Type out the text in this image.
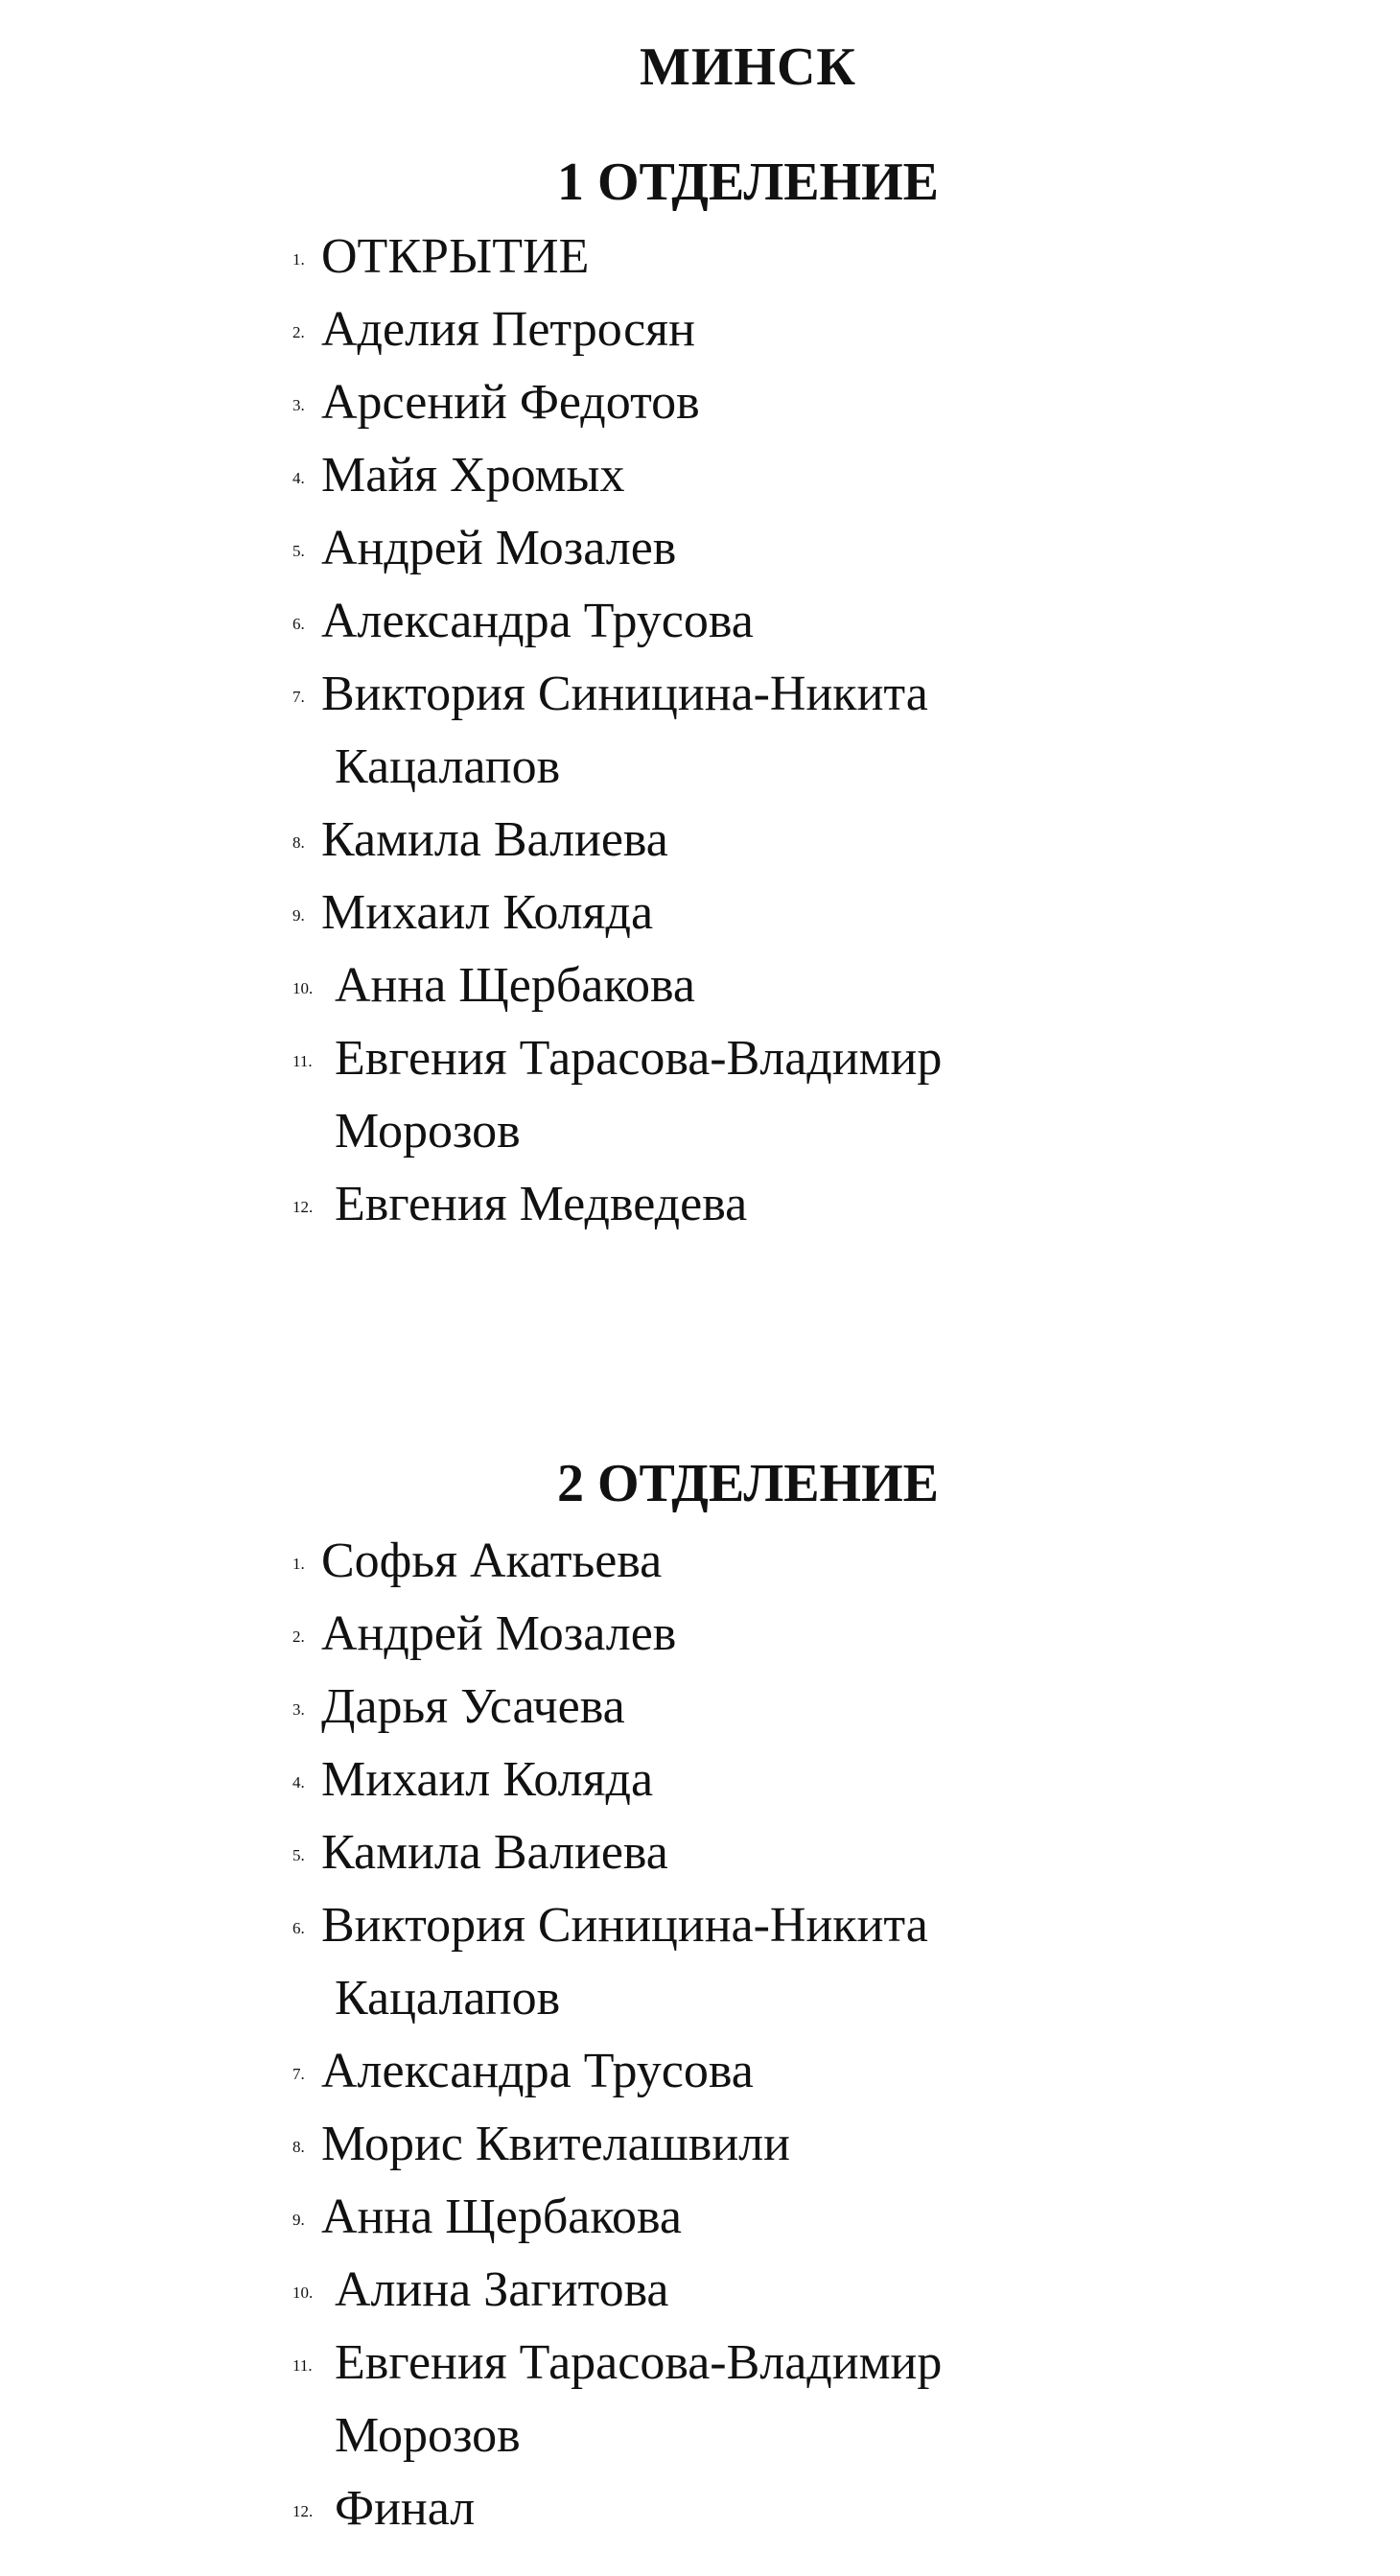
МИНСК
1 ОТДЕЛЕНИЕ
1. ОТКРЫТИЕ
2. Аделия Петросян
3. Арсений Федотов
4. Майя Хромых
5. Андрей Мозалев
6. Александра Трусова
7. Виктория Синицина-Никита
Кацалапов
8. Камила Валиева
9. Михаил Коляда
10. Анна Щербакова
11. Евгения Тарасова-Владимир
Морозов
12. Евгения Медведева
2 ОТДЕЛЕНИЕ
1. Софья Акатьева
2. Андрей Мозалев
3. Дарья Усачева
4. Михаил Коляда
5. Камила Валиева
6. Виктория Синицина-Никита
Кацалапов
7. Александра Трусова
8. Морис Квителашвили
9. Анна Щербакова
10. Алина Загитова
11. Евгения Тарасова-Владимир
Морозов
12. Финал
